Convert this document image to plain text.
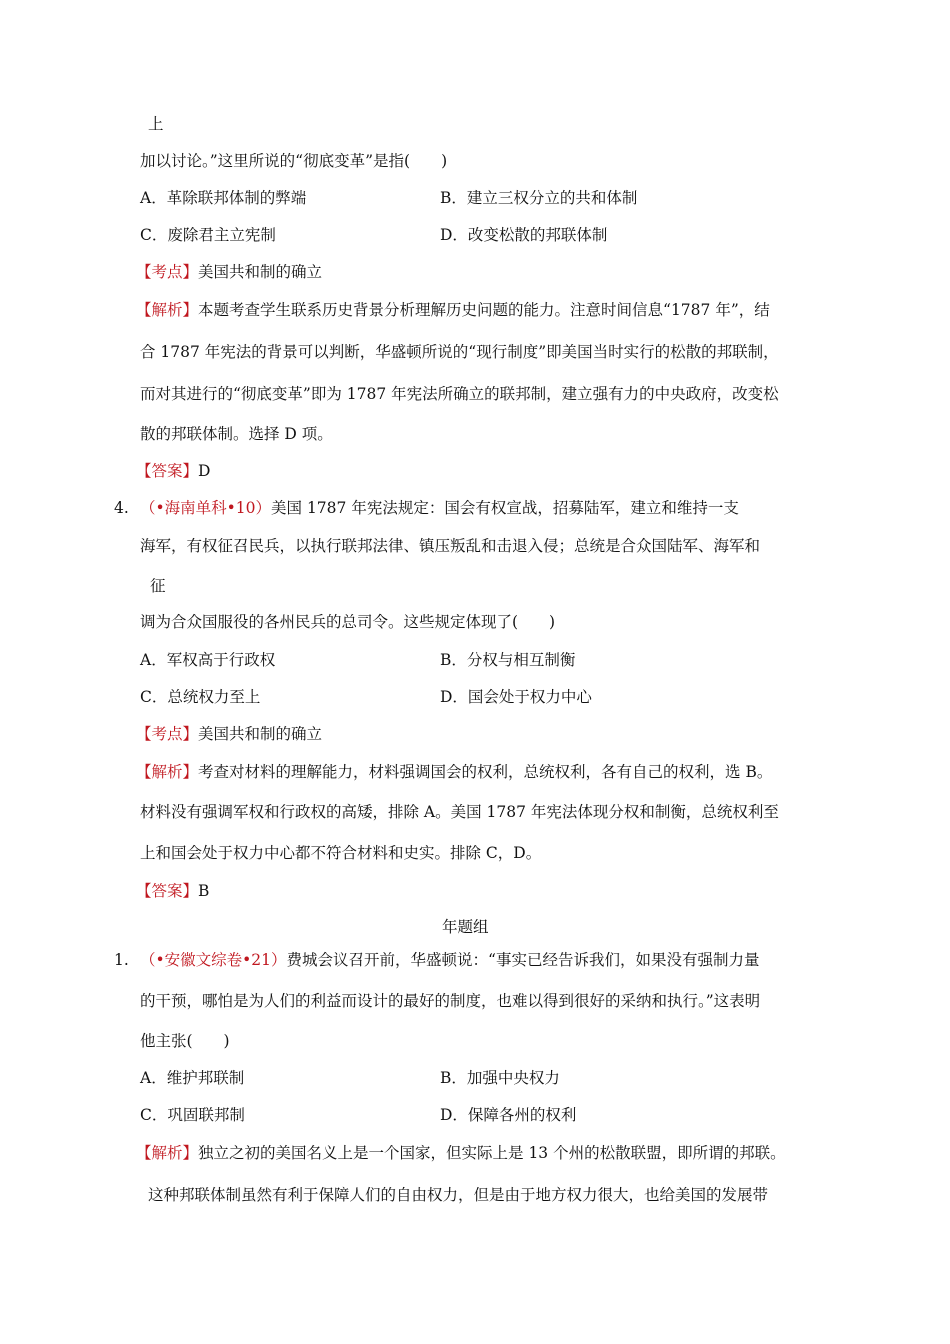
上
加以讨论。”这里所说的“彻底变革”是指(　　)
A．革除联邦体制的弊端	B．建立三权分立的共和体制
C．废除君主立宪制	D．改变松散的邦联体制
【考点】美国共和制的确立
【解析】本题考查学生联系历史背景分析理解历史问题的能力。注意时间信息“1787 年”，结
合 1787 年宪法的背景可以判断，华盛顿所说的“现行制度”即美国当时实行的松散的邦联制，
而对其进行的“彻底变革”即为 1787 年宪法所确立的联邦制，建立强有力的中央政府，改变松
散的邦联体制。选择 D 项。
【答案】D
4. （•海南单科•10）美国 1787 年宪法规定：国会有权宣战，招募陆军，建立和维持一支
海军，有权征召民兵，以执行联邦法律、镇压叛乱和击退入侵；总统是合众国陆军、海军和
征
调为合众国服役的各州民兵的总司令。这些规定体现了(　　)
A．军权高于行政权	B．分权与相互制衡
C．总统权力至上	D．国会处于权力中心
【考点】美国共和制的确立
【解析】考查对材料的理解能力，材料强调国会的权利，总统权利，各有自己的权利，选 B。
材料没有强调军权和行政权的高矮，排除 A。美国 1787 年宪法体现分权和制衡，总统权利至
上和国会处于权力中心都不符合材料和史实。排除 C，D。
【答案】B
年题组
1. （•安徽文综卷•21）费城会议召开前，华盛顿说：“事实已经告诉我们，如果没有强制力量
的干预，哪怕是为人们的利益而设计的最好的制度，也难以得到很好的采纳和执行。”这表明
他主张(　　)
A．维护邦联制	B．加强中央权力
C．巩固联邦制	D．保障各州的权利
【解析】独立之初的美国名义上是一个国家，但实际上是 13 个州的松散联盟，即所谓的邦联。
这种邦联体制虽然有利于保障人们的自由权力，但是由于地方权力很大，也给美国的发展带
